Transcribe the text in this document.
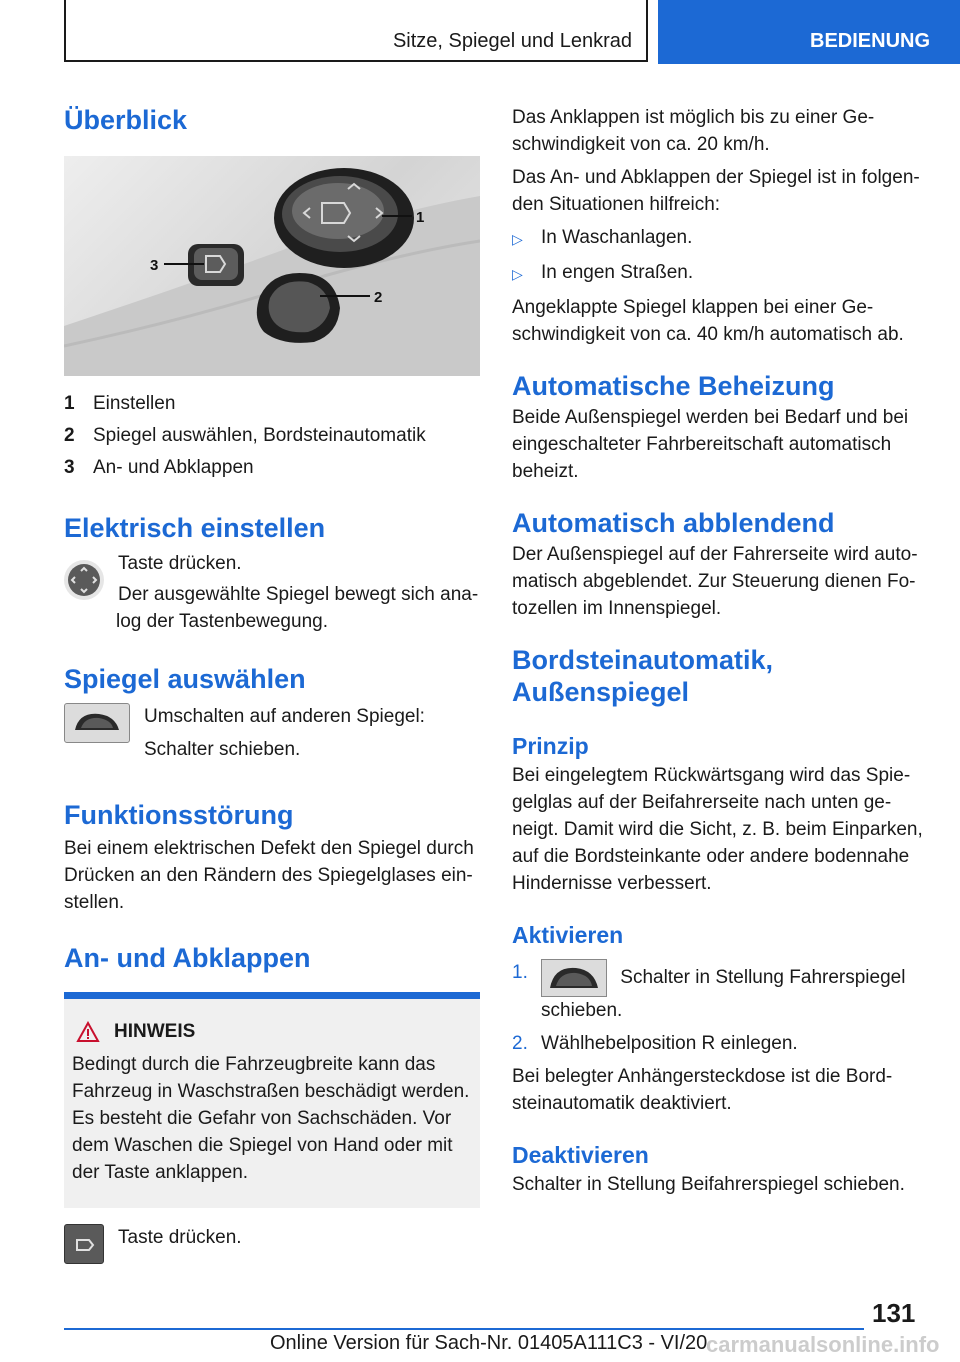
Sitze, Spiegel und Lenkrad	BEDIENUNG
Überblick
1
2
3
1 Einstellen
2 Spiegel auswählen, Bordsteinautomatik
3 An- und Abklappen
Elektrisch einstellen

Taste drücken.

Der ausgewählte Spiegel bewegt sich ana-log der Tastenbewegung.

Spiegel auswählen

Umschalten auf anderen Spiegel:

Schalter schieben.

Funktionsstörung

Bei einem elektrischen Defekt den Spiegel durch Drücken an den Rändern des Spiegelglases ein-stellen.

An- und Abklappen
HINWEIS

Bedingt durch die Fahrzeugbreite kann das Fahrzeug in Waschstraßen beschädigt werden. Es besteht die Gefahr von Sachschäden. Vor dem Waschen die Spiegel von Hand oder mit der Taste anklappen.

Taste drücken.

Das Anklappen ist möglich bis zu einer Ge-schwindigkeit von ca. 20 km/h.

Das An- und Abklappen der Spiegel ist in folgen-den Situationen hilfreich:

▷ In Waschanlagen.
▷ In engen Straßen.

Angeklappte Spiegel klappen bei einer Ge-schwindigkeit von ca. 40 km/h automatisch ab.

Automatische Beheizung

Beide Außenspiegel werden bei Bedarf und bei eingeschalteter Fahrbereitschaft automatisch beheizt.

Automatisch abblendend

Der Außenspiegel auf der Fahrerseite wird auto-matisch abgeblendet. Zur Steuerung dienen Fo-tozellen im Innenspiegel.

Bordsteinautomatik,
Außenspiegel
Prinzip

Bei eingelegtem Rückwärtsgang wird das Spie-gelglas auf der Beifahrerseite nach unten ge-neigt. Damit wird die Sicht, z. B. beim Einparken, auf die Bordsteinkante oder andere bodennahe Hindernisse verbessert.

Aktivieren
1.	Schalter in Stellung Fahrerspiegel schieben.
2. Wählhebelposition R einlegen.

Bei belegter Anhängersteckdose ist die Bord-steinautomatik deaktiviert.

Deaktivieren

Schalter in Stellung Beifahrerspiegel schieben.

131
Online Version für Sach-Nr. 01405A111C3 - VI/20
carmanualsonline.info
